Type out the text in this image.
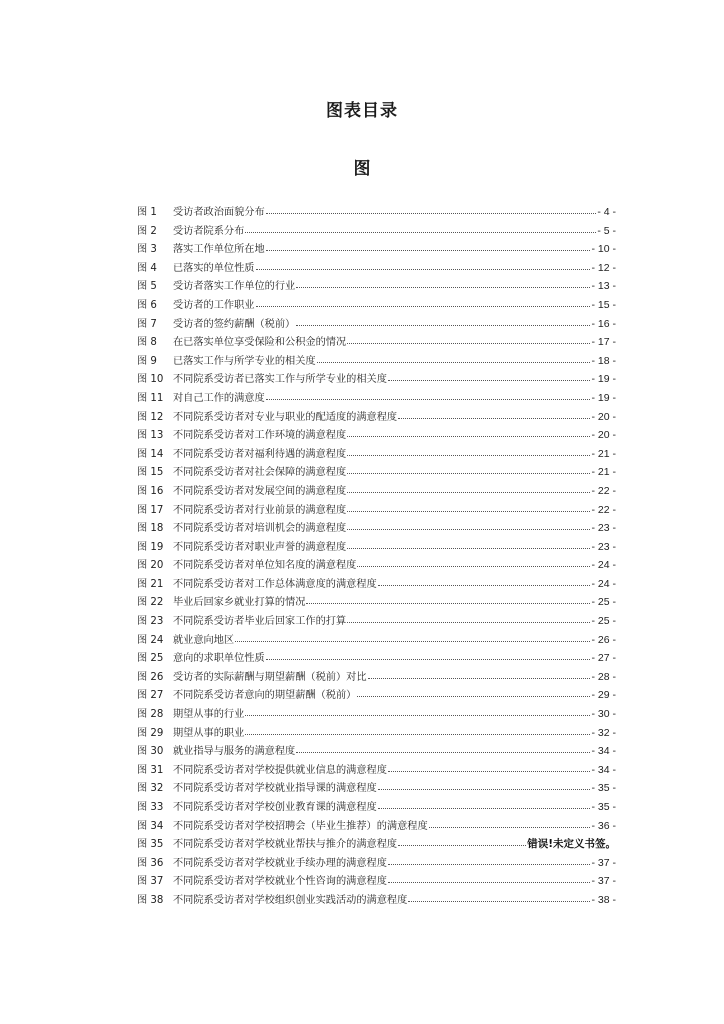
图表目录
图
图 1	受访者政治面貌分布	- 4 -
图 2	受访者院系分布	- 5 -
图 3	落实工作单位所在地	- 10 -
图 4	已落实的单位性质	- 12 -
图 5	受访者落实工作单位的行业	- 13 -
图 6	受访者的工作职业	- 15 -
图 7	受访者的签约薪酬（税前）	- 16 -
图 8	在已落实单位享受保险和公积金的情况	- 17 -
图 9	已落实工作与所学专业的相关度	- 18 -
图 10 不同院系受访者已落实工作与所学专业的相关度	- 19 -
图 11 对自己工作的满意度	- 19 -
图 12 不同院系受访者对专业与职业的配适度的满意程度	- 20 -
图 13 不同院系受访者对工作环境的满意程度	- 20 -
图 14 不同院系受访者对福利待遇的满意程度	- 21 -
图 15 不同院系受访者对社会保障的满意程度	- 21 -
图 16 不同院系受访者对发展空间的满意程度	- 22 -
图 17 不同院系受访者对行业前景的满意程度	- 22 -
图 18 不同院系受访者对培训机会的满意程度	- 23 -
图 19 不同院系受访者对职业声誉的满意程度	- 23 -
图 20 不同院系受访者对单位知名度的满意程度	- 24 -
图 21 不同院系受访者对工作总体满意度的满意程度	- 24 -
图 22 毕业后回家乡就业打算的情况	- 25 -
图 23 不同院系受访者毕业后回家工作的打算	- 25 -
图 24 就业意向地区	- 26 -
图 25 意向的求职单位性质	- 27 -
图 26 受访者的实际薪酬与期望薪酬（税前）对比	- 28 -
图 27 不同院系受访者意向的期望薪酬（税前）	- 29 -
图 28 期望从事的行业	- 30 -
图 29 期望从事的职业	- 32 -
图 30 就业指导与服务的满意程度	- 34 -
图 31 不同院系受访者对学校提供就业信息的满意程度	- 34 -
图 32 不同院系受访者对学校就业指导课的满意程度	- 35 -
图 33 不同院系受访者对学校创业教育课的满意程度	- 35 -
图 34 不同院系受访者对学校招聘会（毕业生推荐）的满意程度	- 36 -
图 35 不同院系受访者对学校就业帮扶与推介的满意程度	错误!未定义书签。
图 36 不同院系受访者对学校就业手续办理的满意程度	- 37 -
图 37 不同院系受访者对学校就业个性咨询的满意程度	- 37 -
图 38 不同院系受访者对学校组织创业实践活动的满意程度	- 38 -
